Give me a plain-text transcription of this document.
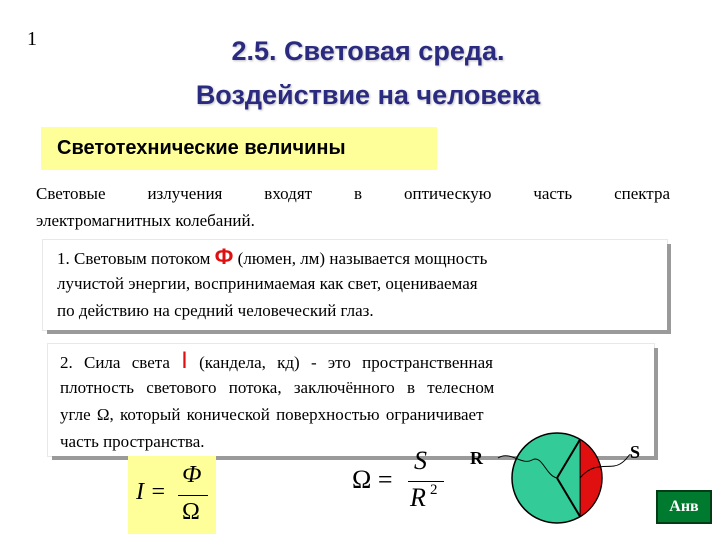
1	2.5. Световая среда.
Воздействие на человека
Светотехнические величины
Световые излучения входят в оптическую часть спектра
электромагнитных колебаний.
1. Световым потоком Ф (люмен, лм) называется мощность
лучистой энергии, воспринимаемая как свет, оцениваемая
по действию на средний человеческий глаз.
2. Сила света I (кандела, кд) - это пространственная
плотность светового потока, заключённого в телесном
угле Ω, который конической поверхностью ограничивает
часть пространства.
I =
Ф
Ω
Ω =
S
R 2
R	S
Анв
